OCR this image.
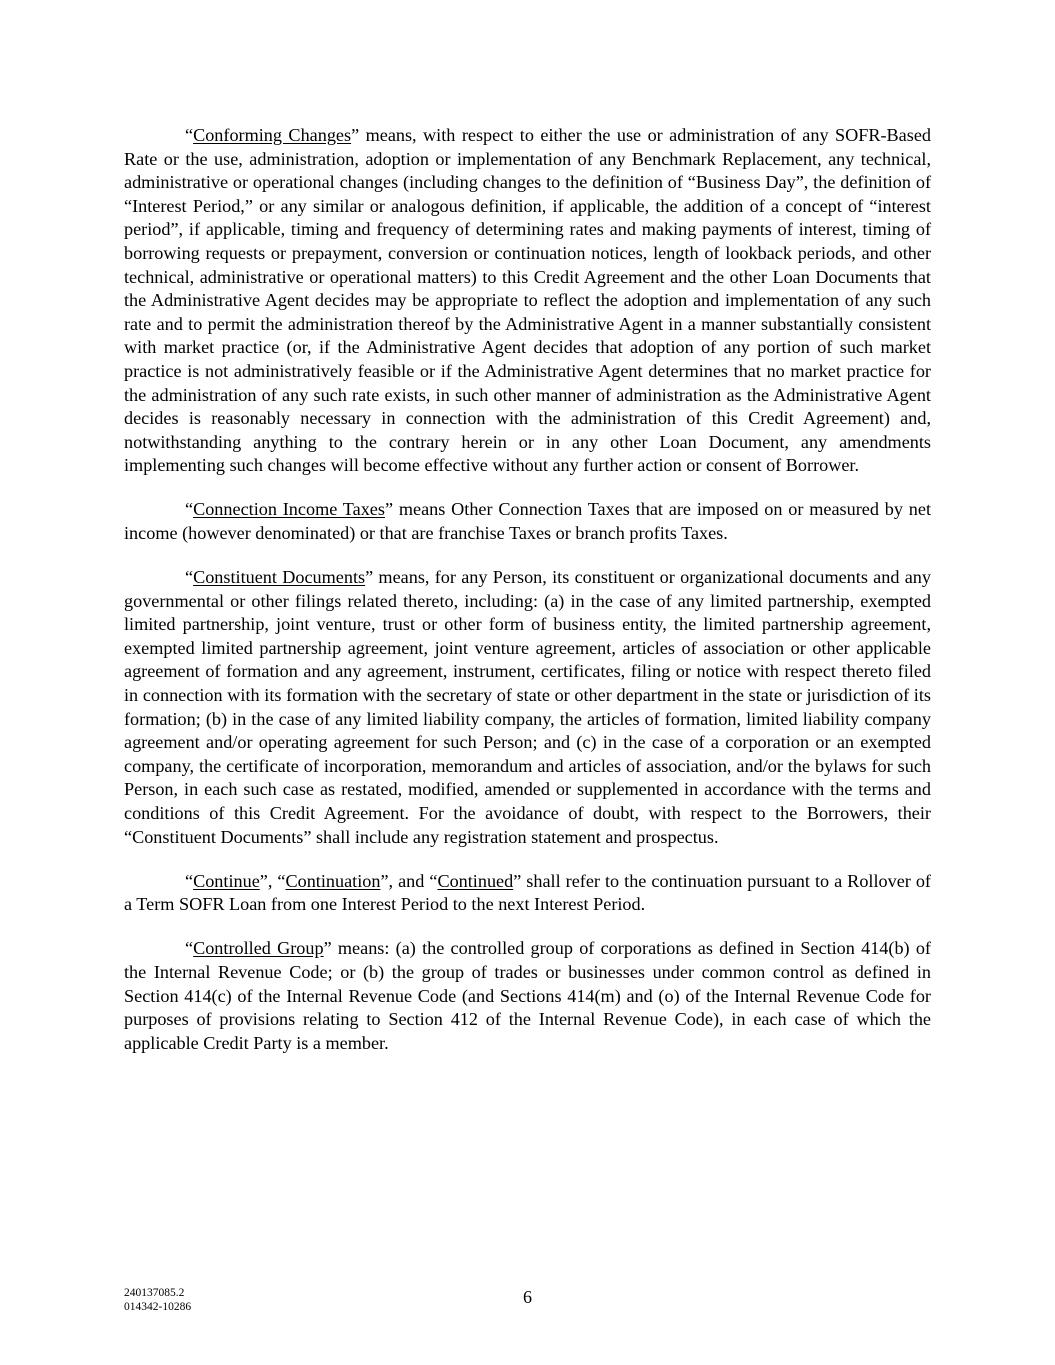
“Conforming Changes” means, with respect to either the use or administration of any SOFR-Based Rate or the use, administration, adoption or implementation of any Benchmark Replacement, any technical, administrative or operational changes (including changes to the definition of “Business Day”, the definition of “Interest Period,” or any similar or analogous definition, if applicable, the addition of a concept of “interest period”, if applicable, timing and frequency of determining rates and making payments of interest, timing of borrowing requests or prepayment, conversion or continuation notices, length of lookback periods, and other technical, administrative or operational matters) to this Credit Agreement and the other Loan Documents that the Administrative Agent decides may be appropriate to reflect the adoption and implementation of any such rate and to permit the administration thereof by the Administrative Agent in a manner substantially consistent with market practice (or, if the Administrative Agent decides that adoption of any portion of such market practice is not administratively feasible or if the Administrative Agent determines that no market practice for the administration of any such rate exists, in such other manner of administration as the Administrative Agent decides is reasonably necessary in connection with the administration of this Credit Agreement) and, notwithstanding anything to the contrary herein or in any other Loan Document, any amendments implementing such changes will become effective without any further action or consent of Borrower.

“Connection Income Taxes” means Other Connection Taxes that are imposed on or measured by net income (however denominated) or that are franchise Taxes or branch profits Taxes.

“Constituent Documents” means, for any Person, its constituent or organizational documents and any governmental or other filings related thereto, including: (a) in the case of any limited partnership, exempted limited partnership, joint venture, trust or other form of business entity, the limited partnership agreement, exempted limited partnership agreement, joint venture agreement, articles of association or other applicable agreement of formation and any agreement, instrument, certificates, filing or notice with respect thereto filed in connection with its formation with the secretary of state or other department in the state or jurisdiction of its formation; (b) in the case of any limited liability company, the articles of formation, limited liability company agreement and/or operating agreement for such Person; and (c) in the case of a corporation or an exempted company, the certificate of incorporation, memorandum and articles of association, and/or the bylaws for such Person, in each such case as restated, modified, amended or supplemented in accordance with the terms and conditions of this Credit Agreement. For the avoidance of doubt, with respect to the Borrowers, their “Constituent Documents” shall include any registration statement and prospectus.

“Continue”, “Continuation”, and “Continued” shall refer to the continuation pursuant to a Rollover of a Term SOFR Loan from one Interest Period to the next Interest Period.

“Controlled Group” means: (a) the controlled group of corporations as defined in Section 414(b) of the Internal Revenue Code; or (b) the group of trades or businesses under common control as defined in Section 414(c) of the Internal Revenue Code (and Sections 414(m) and (o) of the Internal Revenue Code for purposes of provisions relating to Section 412 of the Internal Revenue Code), in each case of which the applicable Credit Party is a member.

240137085.2
014342-10286	6
